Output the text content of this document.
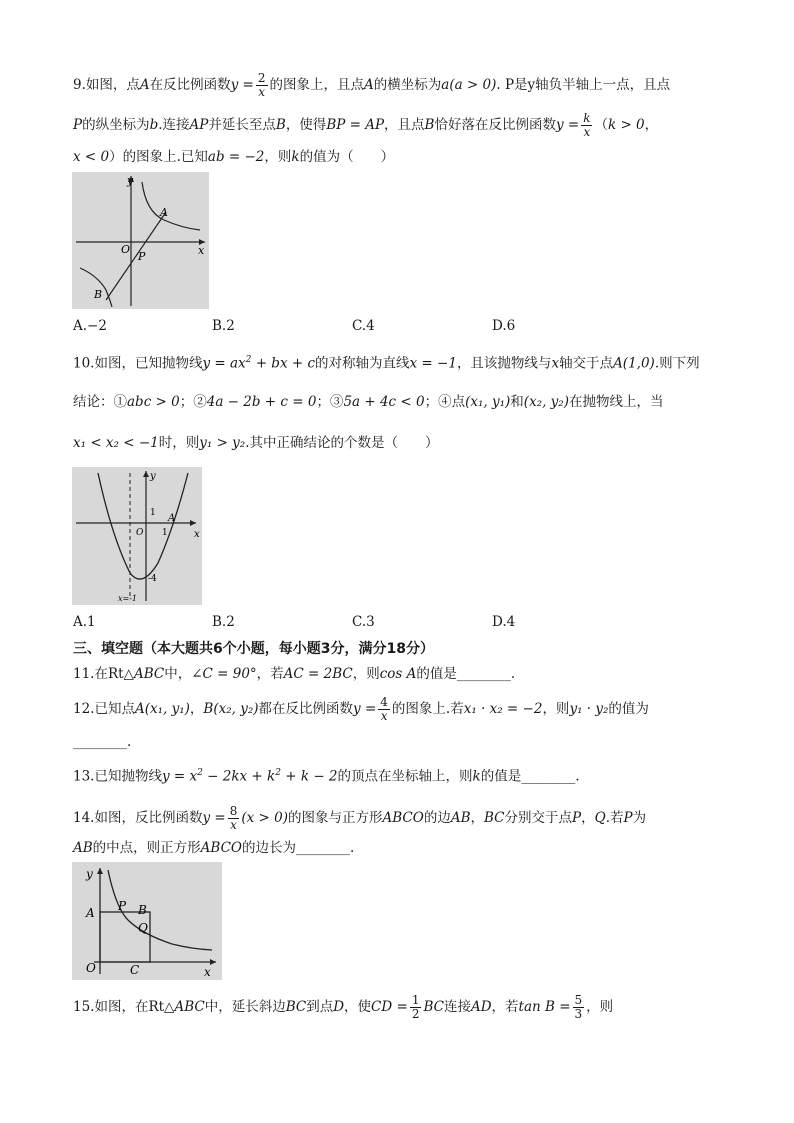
9.如图，点A在反比例函数$y = \frac{2}{x}$ 的图象上，且点A的横坐标为a(a > 0). P是y轴负半轴上一点，且点
P的纵坐标为b.连接AP并延长至点B，使得BP = AP，且点B恰好落在反比例函数$y = \frac{k}{x} (k > 0$，
x < 0）的图象上.已知ab = −2，则k的值为（　　）
y
x
O
A
P
B
A.−2	B.2	C.4	D.6
10.如图，已知抛物线$y = ax^2$ + bx + c的对称轴为直线x = −1，且该抛物线与x轴交于点A(1,0).则下列
结论：①abc > 0；②4a − 2b + c = 0；③5a + 4c < 0；④点(x₁, y₁)和(x₂, y₂)在抛物线上，当
x₁ < x₂ < −1时，则y₁ > y₂.其中正确结论的个数是（　　）
y
x
1 A
1
-4
O
x=-1
A.1	B.2	C.3	D.4
三、填空题（本大题共6个小题，每小题3分，满分18分）
11.在Rt△ABC中，∠C = 90°，若AC = 2BC，则cos A的值是________.
12.已知点A(x₁, y₁)，B(x₂, y₂)都在反比例函数$y = \frac{4}{x}$ 的图象上.若x₁ · x₂ = −2，则y₁ · y₂的值为
________.
13.已知抛物线$y = x^2 - 2kx + k^2 + k - 2$的顶点在坐标轴上，则k的值是________.
14.如图，反比例函数$y = \frac{8}{x} (x > 0)$的图象与正方形ABCO的边AB，BC分别交于点P，Q.若P为
AB的中点，则正方形ABCO的边长为________.
y
A P B
Q
O	C	x
15.如图，在Rt△ABC中，延长斜边BC到点D，使CD = $\frac{1}{2}$ BC连接AD，若$\tan B = \frac{5}{3}$ ，则
